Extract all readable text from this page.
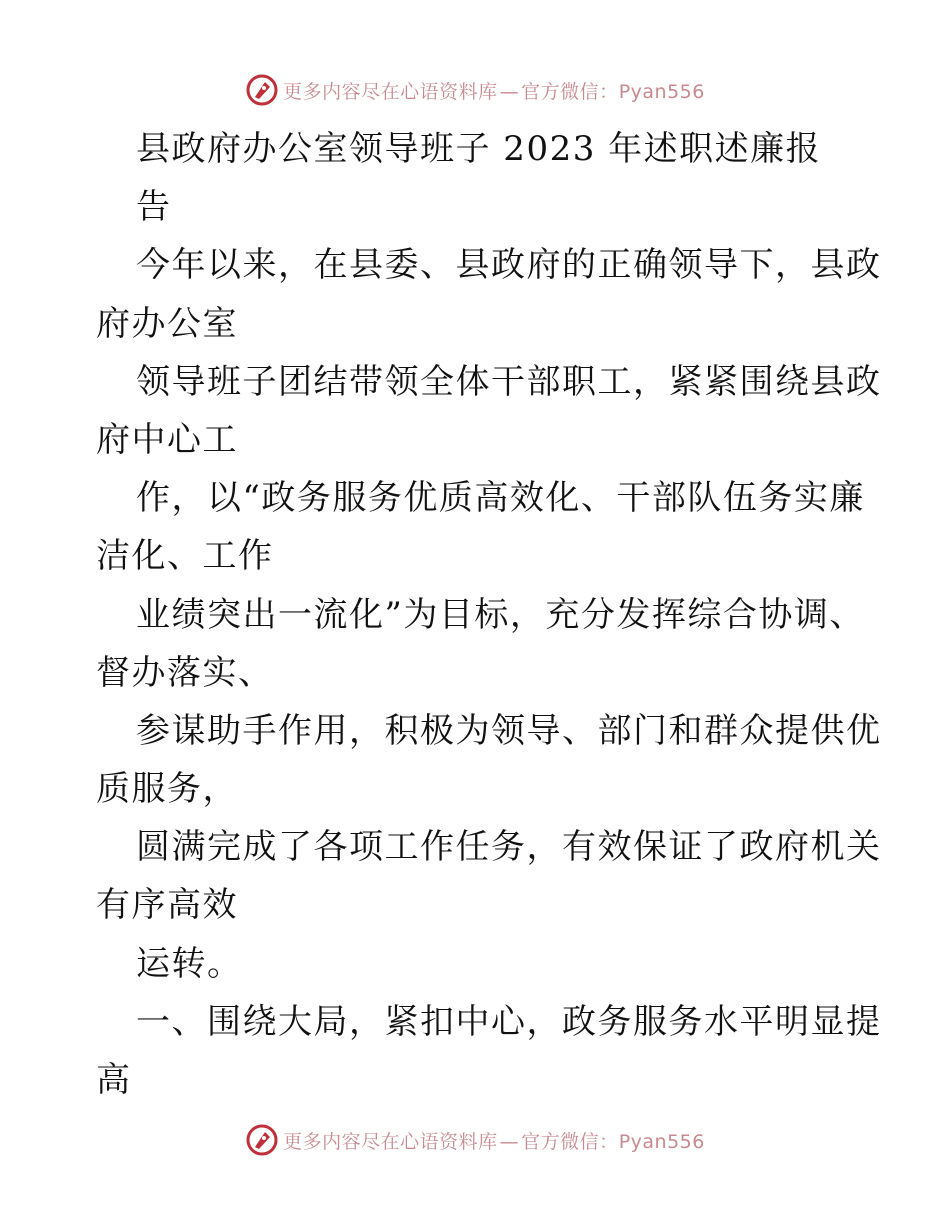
更多内容尽在心语资料库 — 官方微信：Pyan556
县政府办公室领导班子 2023 年述职述廉报
告
今年以来，在县委、县政府的正确领导下，县政
府办公室
领导班子团结带领全体干部职工，紧紧围绕县政
府中心工
作，以“政务服务优质高效化、干部队伍务实廉
洁化、工作
业绩突出一流化”为目标，充分发挥综合协调、
督办落实、
参谋助手作用，积极为领导、部门和群众提供优
质服务，
圆满完成了各项工作任务，有效保证了政府机关
有序高效
运转。
一、围绕大局，紧扣中心，政务服务水平明显提
高
更多内容尽在心语资料库 — 官方微信：Pyan556
